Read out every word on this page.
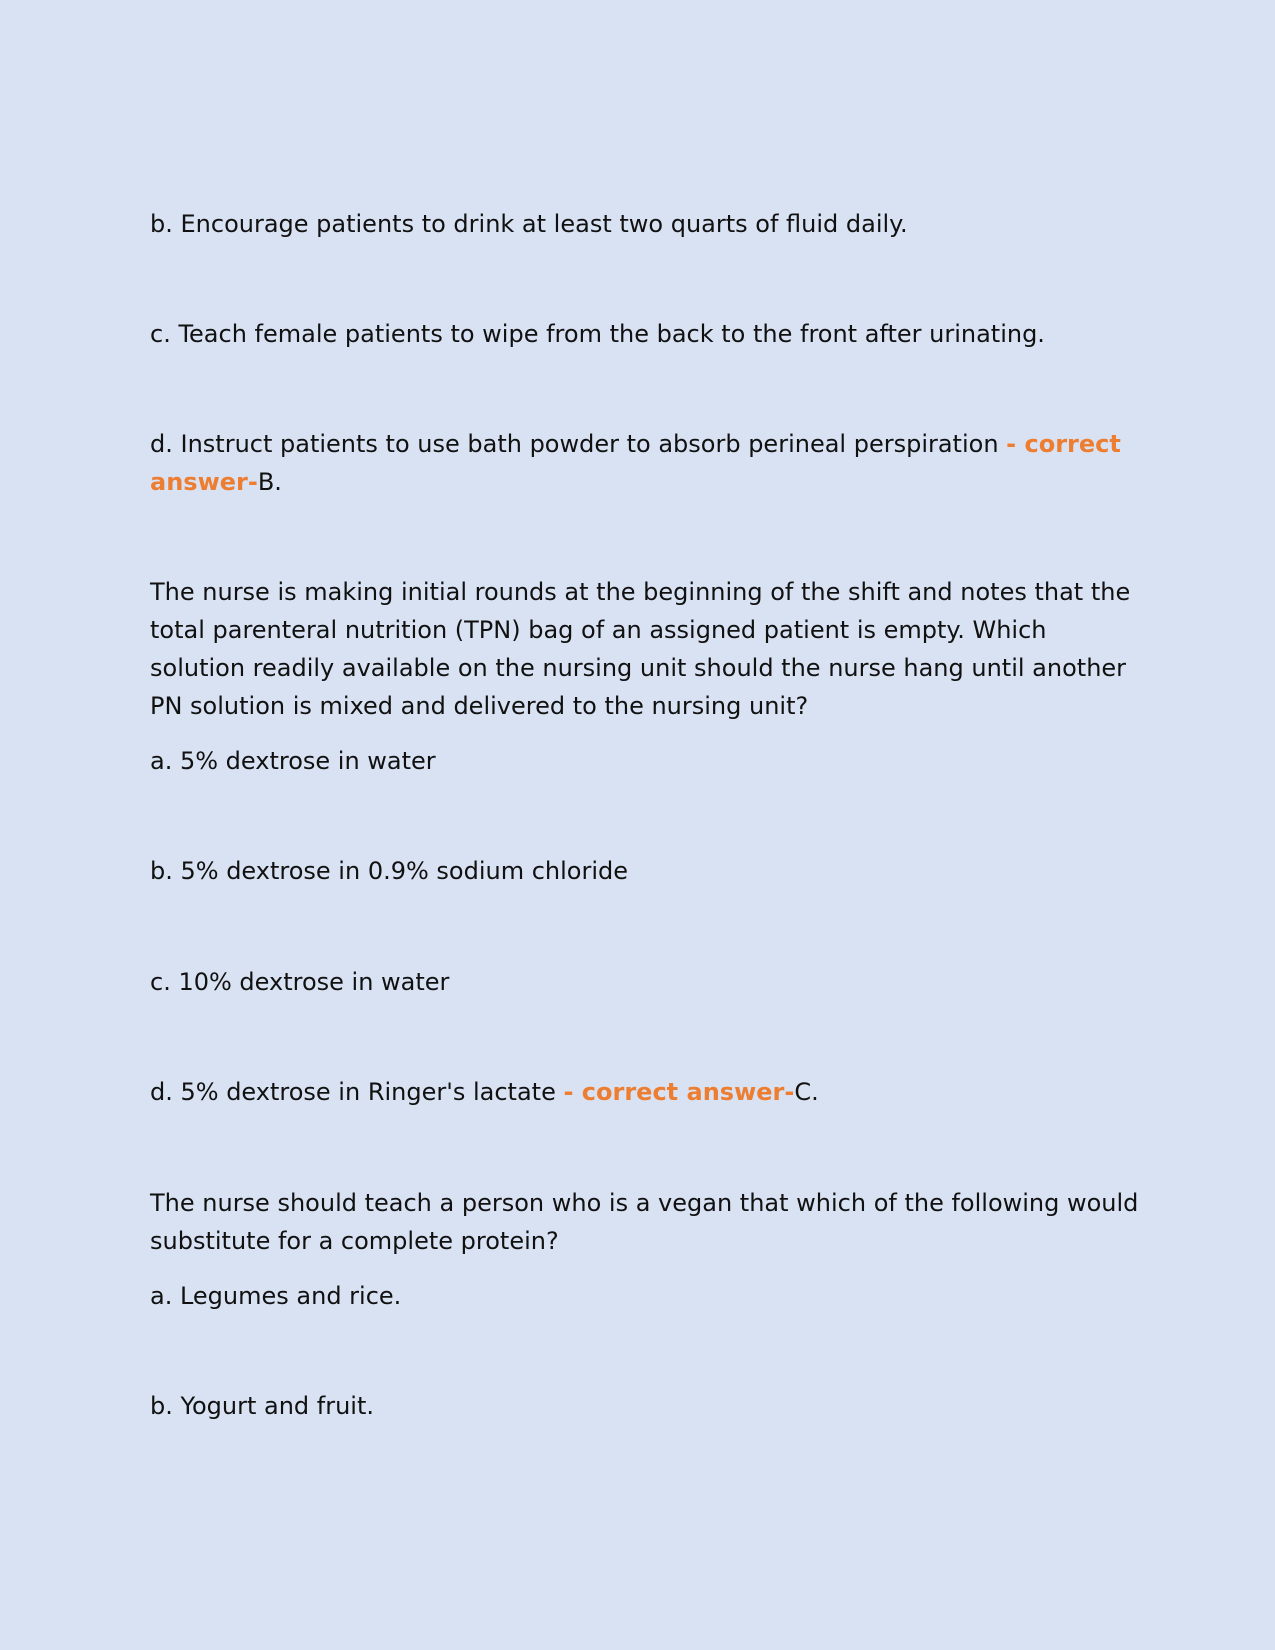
b. Encourage patients to drink at least two quarts of fluid daily.
c. Teach female patients to wipe from the back to the front after urinating.
d. Instruct patients to use bath powder to absorb perineal perspiration - correct
answer-B.
The nurse is making initial rounds at the beginning of the shift and notes that the
total parenteral nutrition (TPN) bag of an assigned patient is empty. Which
solution readily available on the nursing unit should the nurse hang until another
PN solution is mixed and delivered to the nursing unit?
a. 5% dextrose in water
b. 5% dextrose in 0.9% sodium chloride
c. 10% dextrose in water
d. 5% dextrose in Ringer's lactate - correct answer-C.
The nurse should teach a person who is a vegan that which of the following would
substitute for a complete protein?
a. Legumes and rice.
b. Yogurt and fruit.
